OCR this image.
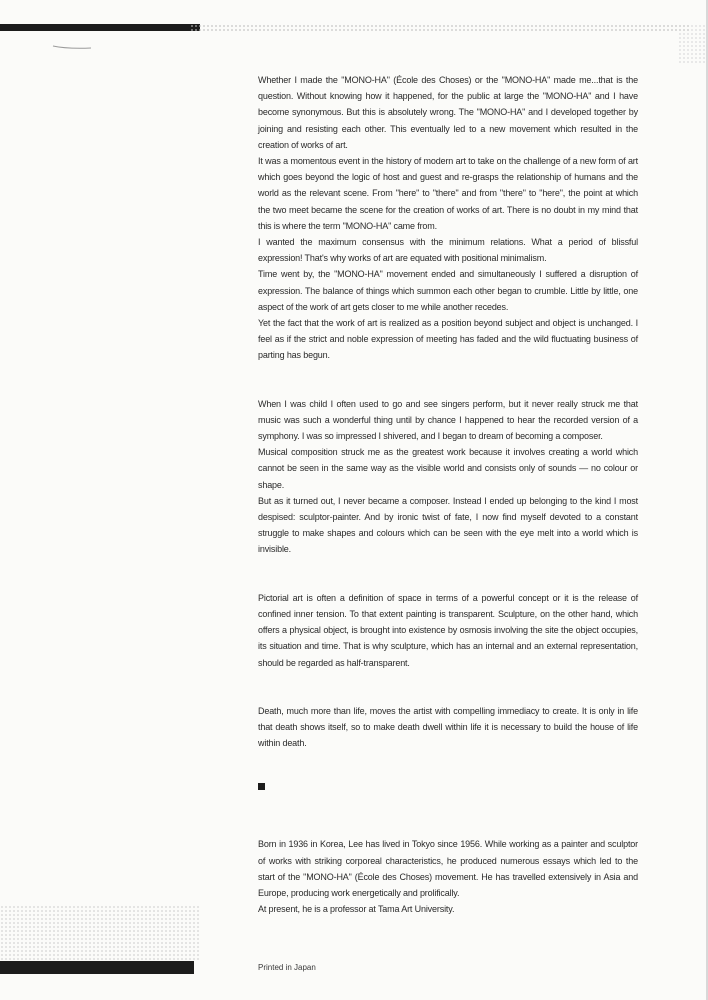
Whether I made the "MONO-HA" (École des Choses) or the "MONO-HA" made me...that is the question. Without knowing how it happened, for the public at large the "MONO-HA" and I have become synonymous. But this is absolutely wrong. The "MONO-HA" and I developed together by joining and resisting each other. This eventually led to a new movement which resulted in the creation of works of art.

It was a momentous event in the history of modern art to take on the challenge of a new form of art which goes beyond the logic of host and guest and re-grasps the relationship of humans and the world as the relevant scene. From "here" to "there" and from "there" to "here", the point at which the two meet became the scene for the creation of works of art. There is no doubt in my mind that this is where the term "MONO-HA" came from.

I wanted the maximum consensus with the minimum relations. What a period of blissful expression! That's why works of art are equated with positional minimalism.

Time went by, the "MONO-HA" movement ended and simultaneously I suffered a disruption of expression. The balance of things which summon each other began to crumble. Little by little, one aspect of the work of art gets closer to me while another recedes.

Yet the fact that the work of art is realized as a position beyond subject and object is unchanged. I feel as if the strict and noble expression of meeting has faded and the wild fluctuating business of parting has begun.

When I was child I often used to go and see singers perform, but it never really struck me that music was such a wonderful thing until by chance I happened to hear the recorded version of a symphony. I was so impressed I shivered, and I began to dream of becoming a composer.

Musical composition struck me as the greatest work because it involves creating a world which cannot be seen in the same way as the visible world and consists only of sounds — no colour or shape.

But as it turned out, I never became a composer. Instead I ended up belonging to the kind I most despised: sculptor-painter. And by ironic twist of fate, I now find myself devoted to a constant struggle to make shapes and colours which can be seen with the eye melt into a world which is invisible.

Pictorial art is often a definition of space in terms of a powerful concept or it is the release of confined inner tension. To that extent painting is transparent. Sculpture, on the other hand, which offers a physical object, is brought into existence by osmosis involving the site the object occupies, its situation and time. That is why sculpture, which has an internal and an external representation, should be regarded as half-transparent.

Death, much more than life, moves the artist with compelling immediacy to create. It is only in life that death shows itself, so to make death dwell within life it is necessary to build the house of life within death.

Born in 1936 in Korea, Lee has lived in Tokyo since 1956. While working as a painter and sculptor of works with striking corporeal characteristics, he produced numerous essays which led to the start of the "MONO-HA" (École des Choses) movement. He has travelled extensively in Asia and Europe, producing work energetically and prolifically.

At present, he is a professor at Tama Art University.

Printed in Japan
